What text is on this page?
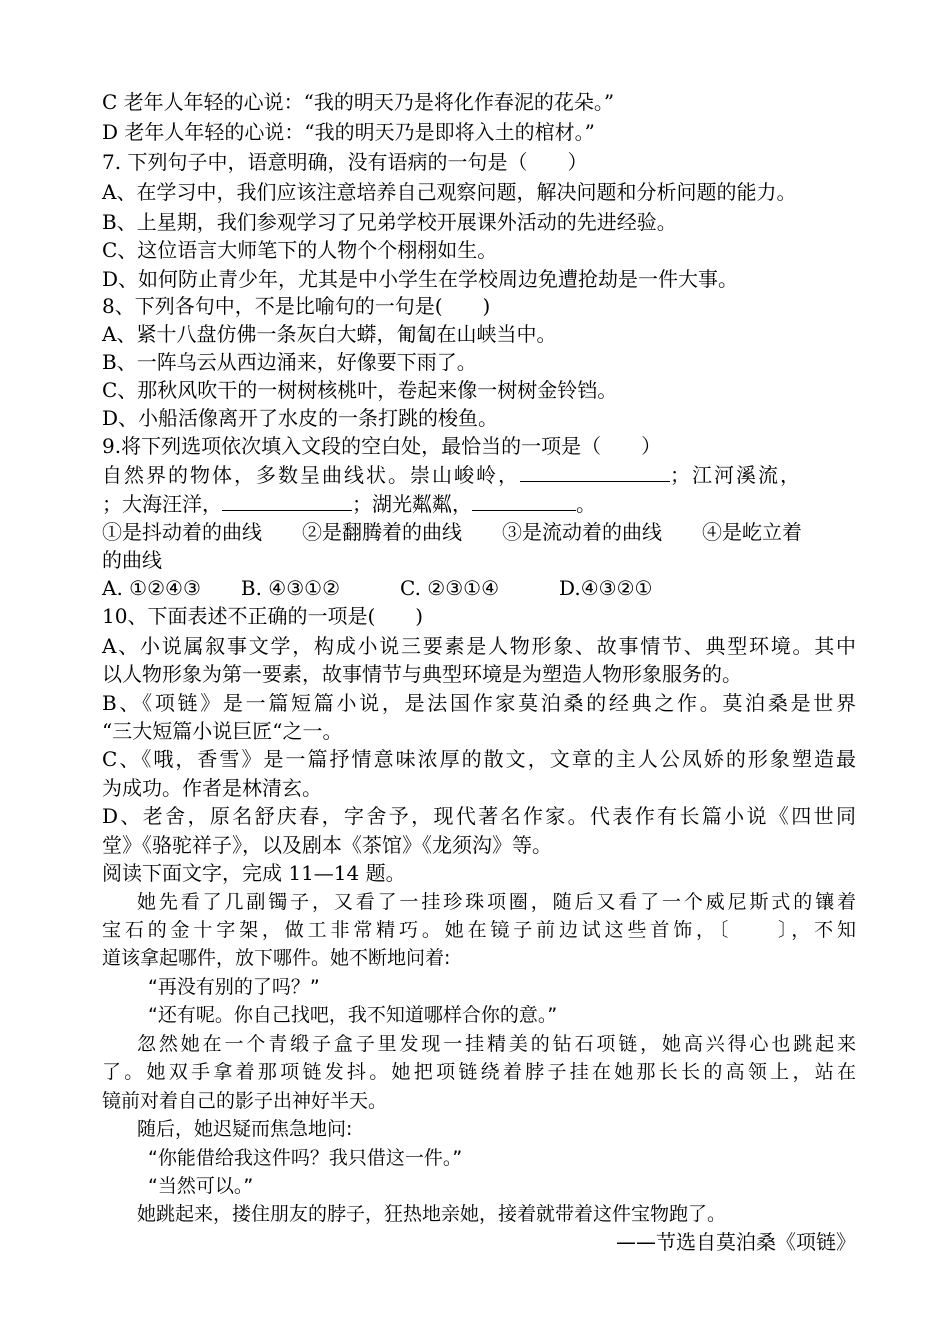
C 老年人年轻的心说：“我的明天乃是将化作春泥的花朵。”
D 老年人年轻的心说：“我的明天乃是即将入土的棺材。”
7. 下列句子中，语意明确，没有语病的一句是（　　）
A、在学习中，我们应该注意培养自己观察问题，解决问题和分析问题的能力。
B、上星期，我们参观学习了兄弟学校开展课外活动的先进经验。
C、这位语言大师笔下的人物个个栩栩如生。
D、如何防止青少年，尤其是中小学生在学校周边免遭抢劫是一件大事。
8、下列各句中，不是比喻句的一句是(　　)
A、紧十八盘仿佛一条灰白大蟒，匍匐在山峡当中。
B、一阵乌云从西边涌来，好像要下雨了。
C、那秋风吹干的一树树核桃叶，卷起来像一树树金铃铛。
D、小船活像离开了水皮的一条打跳的梭鱼。
9.将下列选项依次填入文段的空白处，最恰当的一项是（　　）
自然界的物体，多数呈曲线状。崇山峻岭，	；江河溪流，
；大海汪洋，	；湖光粼粼，	。
①是抖动着的曲线　　②是翻腾着的曲线　　③是流动着的曲线　　④是屹立着
的曲线
A. ①②④③　　B. ④③①②　　　C. ②③①④　　　D.④③②①
10、下面表述不正确的一项是(　　)
A、小说属叙事文学，构成小说三要素是人物形象、故事情节、典型环境。其中
以人物形象为第一要素，故事情节与典型环境是为塑造人物形象服务的。
B、《项链》是一篇短篇小说，是法国作家莫泊桑的经典之作。莫泊桑是世界
“三大短篇小说巨匠“之一。
C、《哦，香雪》是一篇抒情意味浓厚的散文，文章的主人公凤娇的形象塑造最
为成功。作者是林清玄。
D、老舍，原名舒庆春，字舍予，现代著名作家。代表作有长篇小说《四世同
堂》《骆驼祥子》，以及剧本《茶馆》《龙须沟》等。
阅读下面文字，完成 11—14 题。
她先看了几副镯子，又看了一挂珍珠项圈，随后又看了一个威尼斯式的镶着
宝石的金十字架，做工非常精巧。她在镜子前边试这些首饰，〔　　〕，不知
道该拿起哪件，放下哪件。她不断地问着:
“再没有别的了吗？”
“还有呢。你自己找吧，我不知道哪样合你的意。”
忽然她在一个青缎子盒子里发现一挂精美的钻石项链，她高兴得心也跳起来
了。她双手拿着那项链发抖。她把项链绕着脖子挂在她那长长的高领上，站在
镜前对着自己的影子出神好半天。
随后，她迟疑而焦急地问:
“你能借给我这件吗？我只借这一件。”
“当然可以。”
她跳起来，搂住朋友的脖子，狂热地亲她，接着就带着这件宝物跑了。
——节选自莫泊桑《项链》
